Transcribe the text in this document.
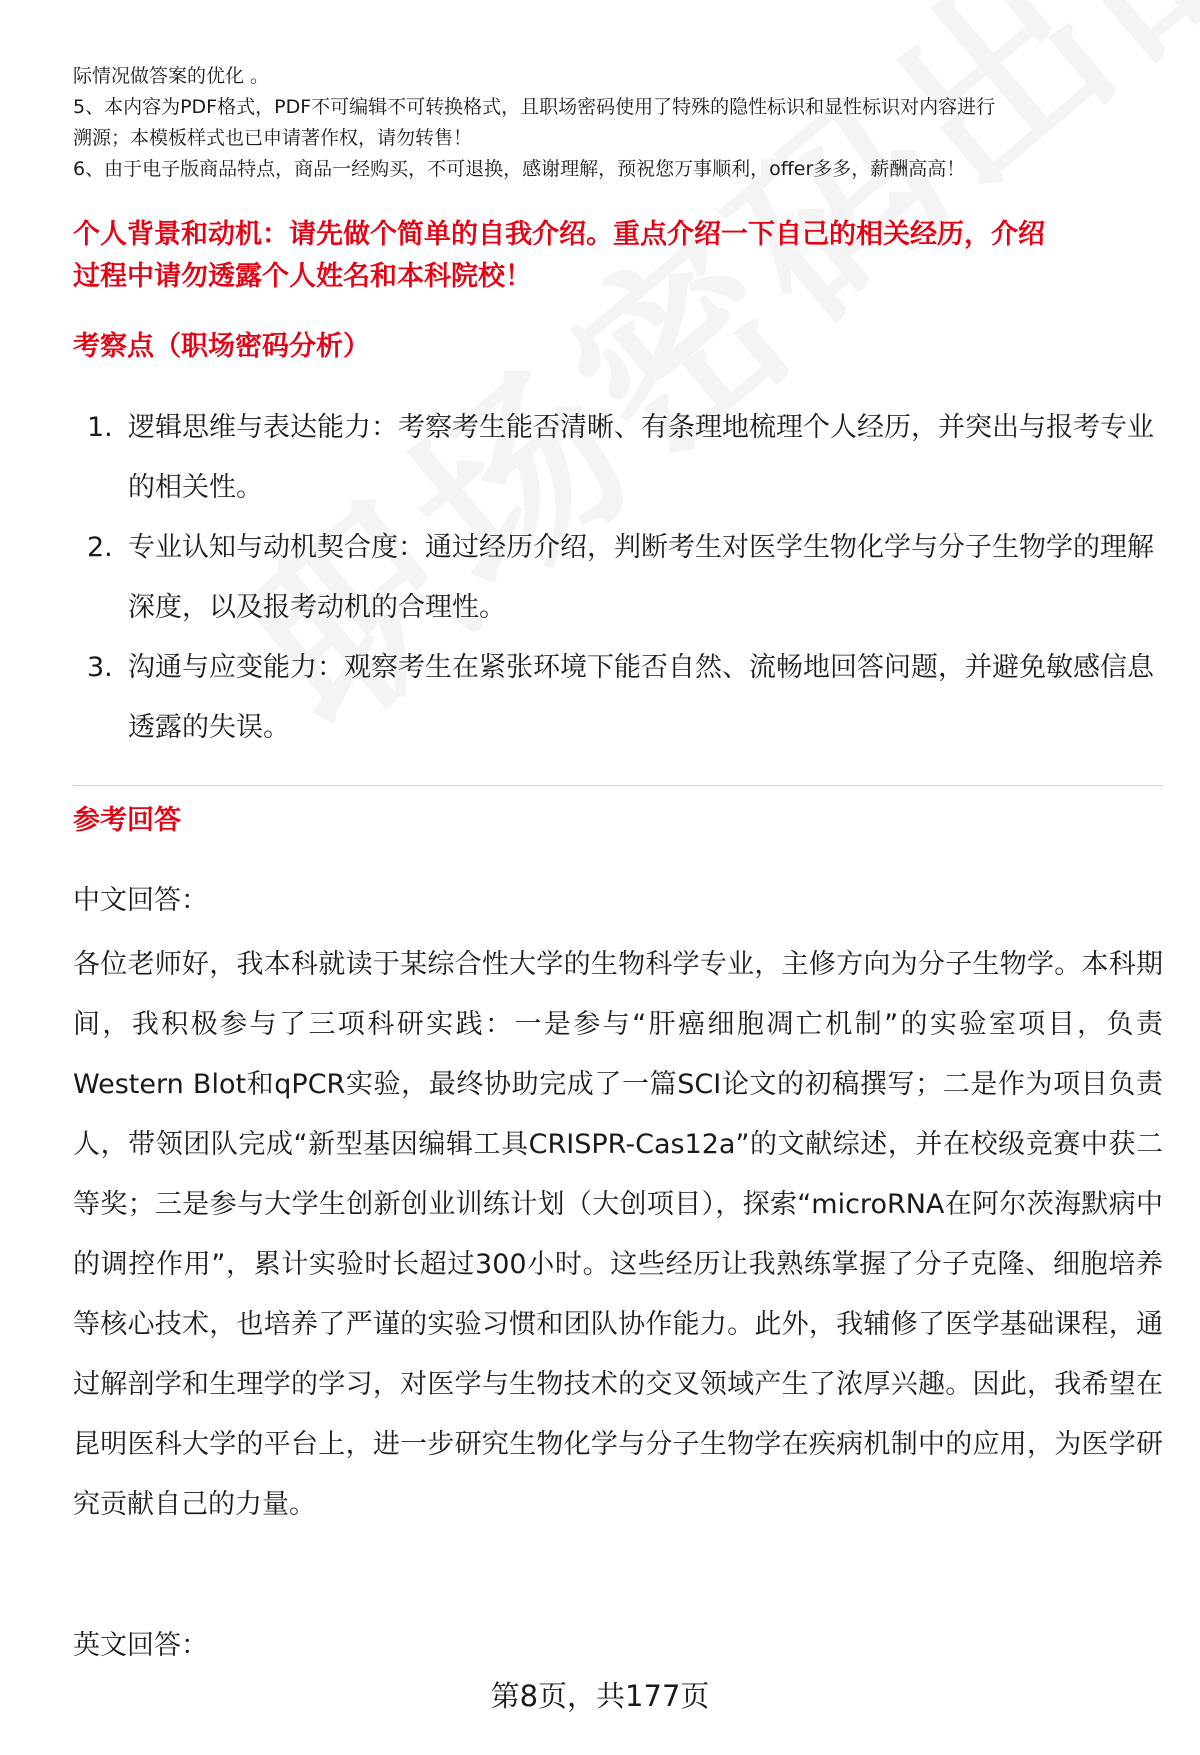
际情况做答案的优化 。
5、本内容为PDF格式，PDF不可编辑不可转换格式，且职场密码使用了特殊的隐性标识和显性标识对内容进行
溯源；本模板样式也已申请著作权，请勿转售！
6、由于电子版商品特点，商品一经购买，不可退换，感谢理解，预祝您万事顺利，offer多多，薪酬高高！
个人背景和动机：请先做个简单的自我介绍。重点介绍一下自己的相关经历，介绍
过程中请勿透露个人姓名和本科院校！
考察点（职场密码分析）
1. 逻辑思维与表达能力：考察考生能否清晰、有条理地梳理个人经历，并突出与报考专业的相关性。
2. 专业认知与动机契合度：通过经历介绍，判断考生对医学生物化学与分子生物学的理解深度，以及报考动机的合理性。
3. 沟通与应变能力：观察考生在紧张环境下能否自然、流畅地回答问题，并避免敏感信息透露的失误。
参考回答
中文回答：
各位老师好，我本科就读于某综合性大学的生物科学专业，主修方向为分子生物学。本科期间，我积极参与了三项科研实践：一是参与“肝癌细胞凋亡机制”的实验室项目，负责Western Blot和qPCR实验，最终协助完成了一篇SCI论文的初稿撰写；二是作为项目负责人，带领团队完成“新型基因编辑工具CRISPR-Cas12a”的文献综述，并在校级竞赛中获二等奖；三是参与大学生创新创业训练计划（大创项目），探索“microRNA在阿尔茨海默病中的调控作用”，累计实验时长超过300小时。这些经历让我熟练掌握了分子克隆、细胞培养等核心技术，也培养了严谨的实验习惯和团队协作能力。此外，我辅修了医学基础课程，通过解剖学和生理学的学习，对医学与生物技术的交叉领域产生了浓厚兴趣。因此，我希望在昆明医科大学的平台上，进一步研究生物化学与分子生物学在疾病机制中的应用，为医学研究贡献自己的力量。
英文回答：
第8页，共177页
